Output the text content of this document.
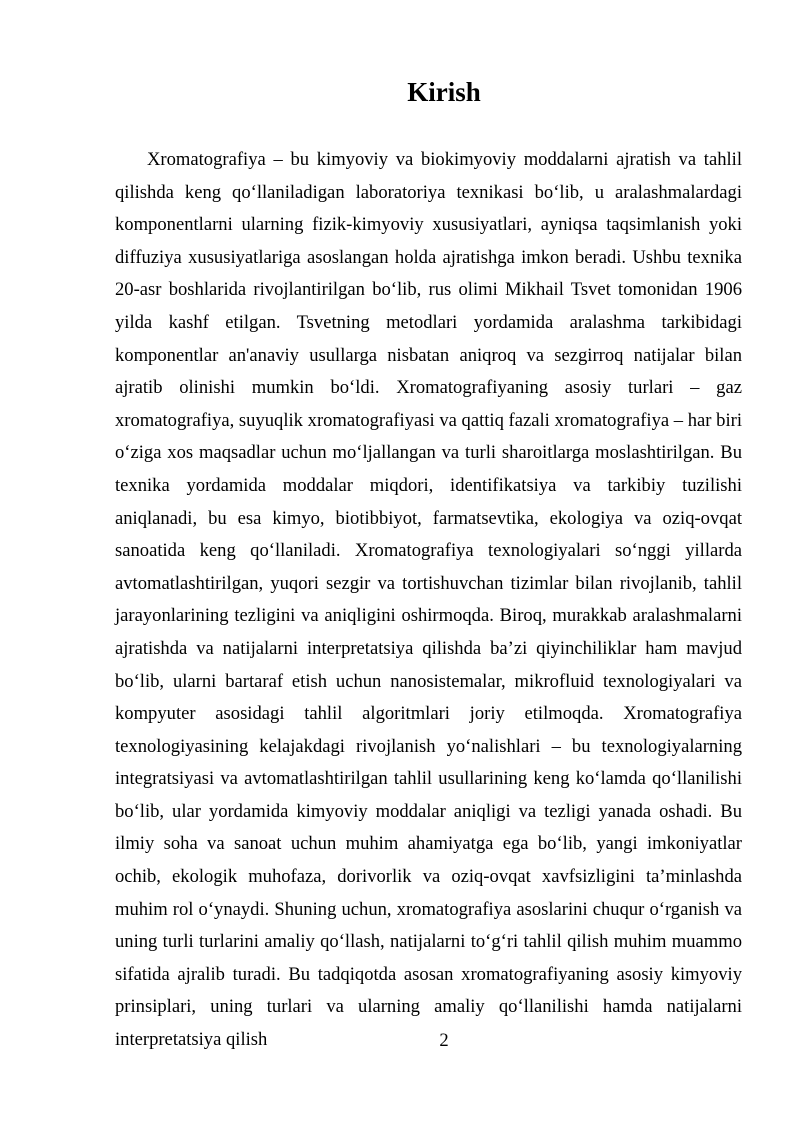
Kirish

Xromatografiya – bu kimyoviy va biokimyoviy moddalarni ajratish va tahlil qilishda keng qo‘llaniladigan laboratoriya texnikasi bo‘lib, u aralashmalardagi komponentlarni ularning fizik-kimyoviy xususiyatlari, ayniqsa taqsimlanish yoki diffuziya xususiyatlariga asoslangan holda ajratishga imkon beradi. Ushbu texnika 20-asr boshlarida rivojlantirilgan bo‘lib, rus olimi Mikhail Tsvet tomonidan 1906 yilda kashf etilgan. Tsvetning metodlari yordamida aralashma tarkibidagi komponentlar an'anaviy usullarga nisbatan aniqroq va sezgirroq natijalar bilan ajratib olinishi mumkin bo‘ldi. Xromatografiyaning asosiy turlari – gaz xromatografiya, suyuqlik xromatografiyasi va qattiq fazali xromatografiya – har biri o‘ziga xos maqsadlar uchun mo‘ljallangan va turli sharoitlarga moslashtirilgan. Bu texnika yordamida moddalar miqdori, identifikatsiya va tarkibiy tuzilishi aniqlanadi, bu esa kimyo, biotibbiyot, farmatsevtika, ekologiya va oziq-ovqat sanoatida keng qo‘llaniladi. Xromatografiya texnologiyalari so‘nggi yillarda avtomatlashtirilgan, yuqori sezgir va tortishuvchan tizimlar bilan rivojlanib, tahlil jarayonlarining tezligini va aniqligini oshirmoqda. Biroq, murakkab aralashmalarni ajratishda va natijalarni interpretatsiya qilishda ba’zi qiyinchiliklar ham mavjud bo‘lib, ularni bartaraf etish uchun nanosistemalar, mikrofluid texnologiyalari va kompyuter asosidagi tahlil algoritmlari joriy etilmoqda. Xromatografiya texnologiyasining kelajakdagi rivojlanish yo‘nalishlari – bu texnologiyalarning integratsiyasi va avtomatlashtirilgan tahlil usullarining keng ko‘lamda qo‘llanilishi bo‘lib, ular yordamida kimyoviy moddalar aniqligi va tezligi yanada oshadi. Bu ilmiy soha va sanoat uchun muhim ahamiyatga ega bo‘lib, yangi imkoniyatlar ochib, ekologik muhofaza, dorivorlik va oziq-ovqat xavfsizligini ta’minlashda muhim rol o‘ynaydi. Shuning uchun, xromatografiya asoslarini chuqur o‘rganish va uning turli turlarini amaliy qo‘llash, natijalarni to‘g‘ri tahlil qilish muhim muammo sifatida ajralib turadi. Bu tadqiqotda asosan xromatografiyaning asosiy kimyoviy prinsiplari, uning turlari va ularning amaliy qo‘llanilishi hamda natijalarni interpretatsiya qilish	2
